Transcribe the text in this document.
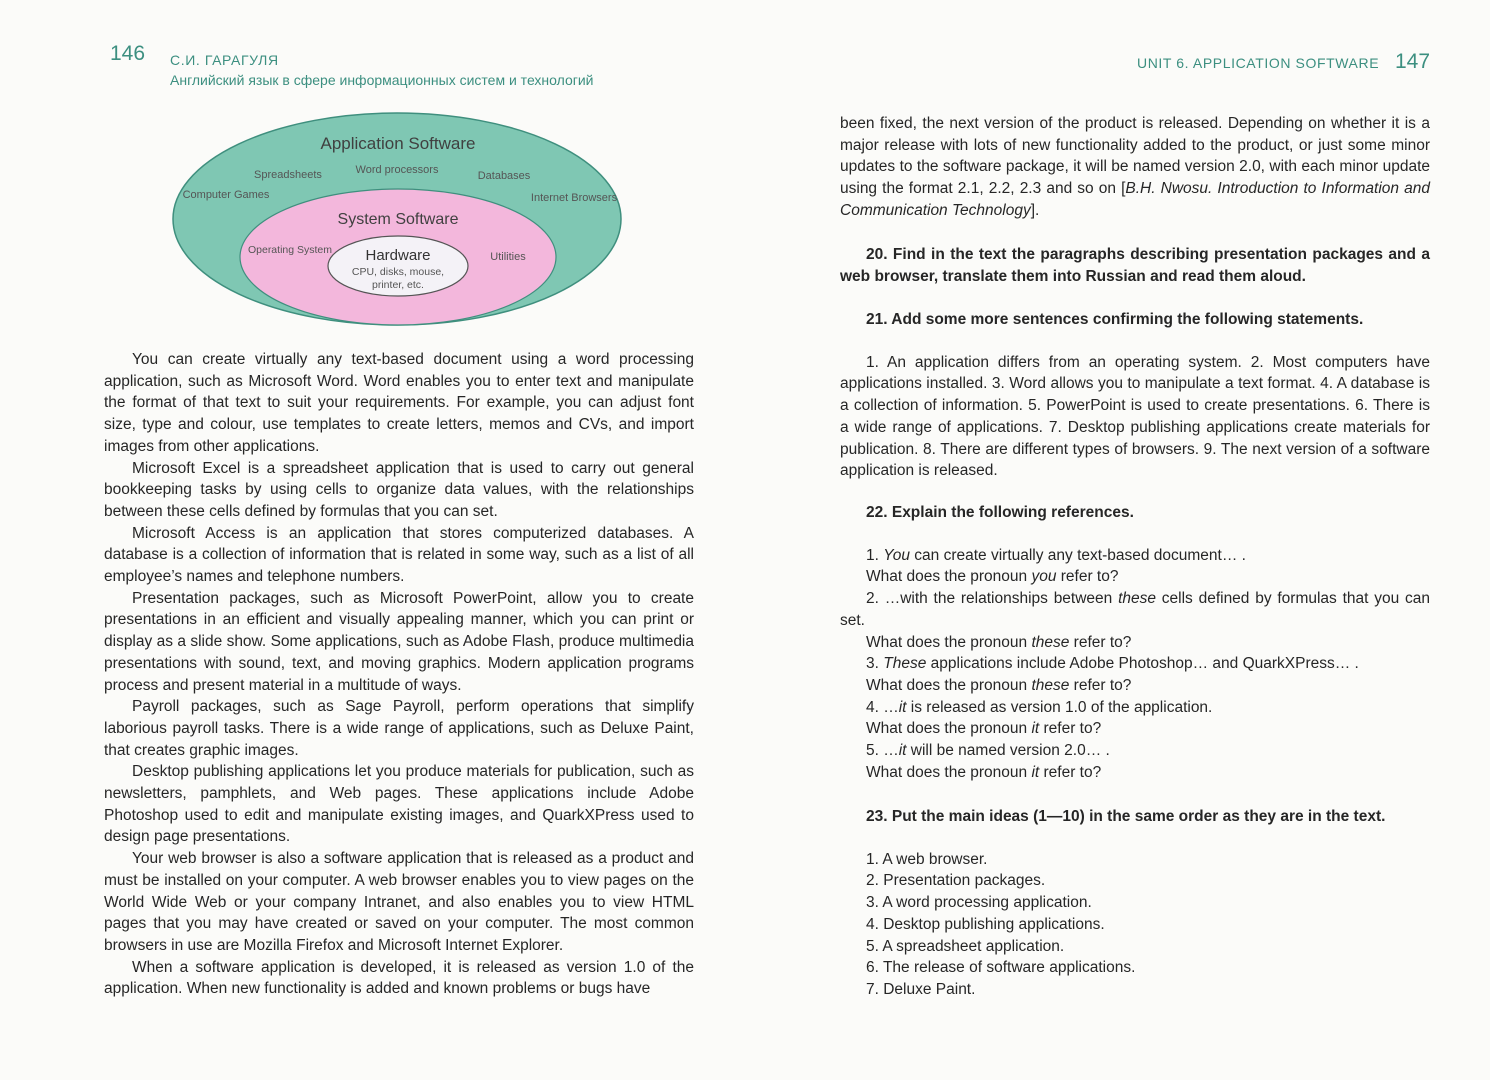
146 С.И. ГАРАГУЛЯ
Английский язык в сфере информационных систем и технологий
Application Software
Spreadsheets	Word processors	Databases
Computer Games	Internet Browsers
System Software
Operating System
Utilities
Hardware
CPU, disks, mouse,
printer, etc.

You can create virtually any text-based document using a word processing application, such as Microsoft Word. Word enables you to enter text and manipulate the format of that text to suit your requirements. For example, you can adjust font size, type and colour, use templates to create letters, memos and CVs, and import images from other applications.

Microsoft Excel is a spreadsheet application that is used to carry out general bookkeeping tasks by using cells to organize data values, with the relationships between these cells defined by formulas that you can set.

Microsoft Access is an application that stores computerized databases. A database is a collection of information that is related in some way, such as a list of all employee’s names and telephone numbers.

Presentation packages, such as Microsoft PowerPoint, allow you to create presentations in an efficient and visually appealing manner, which you can print or display as a slide show. Some applications, such as Adobe Flash, produce multimedia presentations with sound, text, and moving graphics. Modern application programs process and present material in a multitude of ways.

Payroll packages, such as Sage Payroll, perform operations that simplify laborious payroll tasks. There is a wide range of applications, such as Deluxe Paint, that creates graphic images.

Desktop publishing applications let you produce materials for publication, such as newsletters, pamphlets, and Web pages. These applications include Adobe Photoshop used to edit and manipulate existing images, and QuarkXPress used to design page presentations.

Your web browser is also a software application that is released as a product and must be installed on your computer. A web browser enables you to view pages on the World Wide Web or your company Intranet, and also enables you to view HTML pages that you may have created or saved on your computer. The most common browsers in use are Mozilla Firefox and Microsoft Internet Explorer.

When a software application is developed, it is released as version 1.0 of the application. When new functionality is added and known problems or bugs have

UNIT 6. APPLICATION SOFTWARE 147

been fixed, the next version of the product is released. Depending on whether it is a major release with lots of new functionality added to the product, or just some minor updates to the software package, it will be named version 2.0, with each minor update using the format 2.1, 2.2, 2.3 and so on [B.H. Nwosu. Introduction to Information and Communication Technology].

20. Find in the text the paragraphs describing presentation packages and a web browser, translate them into Russian and read them aloud.

21. Add some more sentences confirming the following statements.

1. An application differs from an operating system. 2. Most computers have applications installed. 3. Word allows you to manipulate a text format. 4. A database is a collection of information. 5. PowerPoint is used to create presentations. 6. There is a wide range of applications. 7. Desktop publishing applications create materials for publication. 8. There are different types of browsers. 9. The next version of a software application is released.

22. Explain the following references.

1. You can create virtually any text-based document… .

What does the pronoun you refer to?

2. …with the relationships between these cells defined by formulas that you can set.

What does the pronoun these refer to?

3. These applications include Adobe Photoshop… and QuarkXPress… .

What does the pronoun these refer to?

4. …it is released as version 1.0 of the application.

What does the pronoun it refer to?

5. …it will be named version 2.0… .

What does the pronoun it refer to?

23. Put the main ideas (1—10) in the same order as they are in the text.

1. A web browser.

2. Presentation packages.

3. A word processing application.

4. Desktop publishing applications.

5. A spreadsheet application.

6. The release of software applications.

7. Deluxe Paint.
